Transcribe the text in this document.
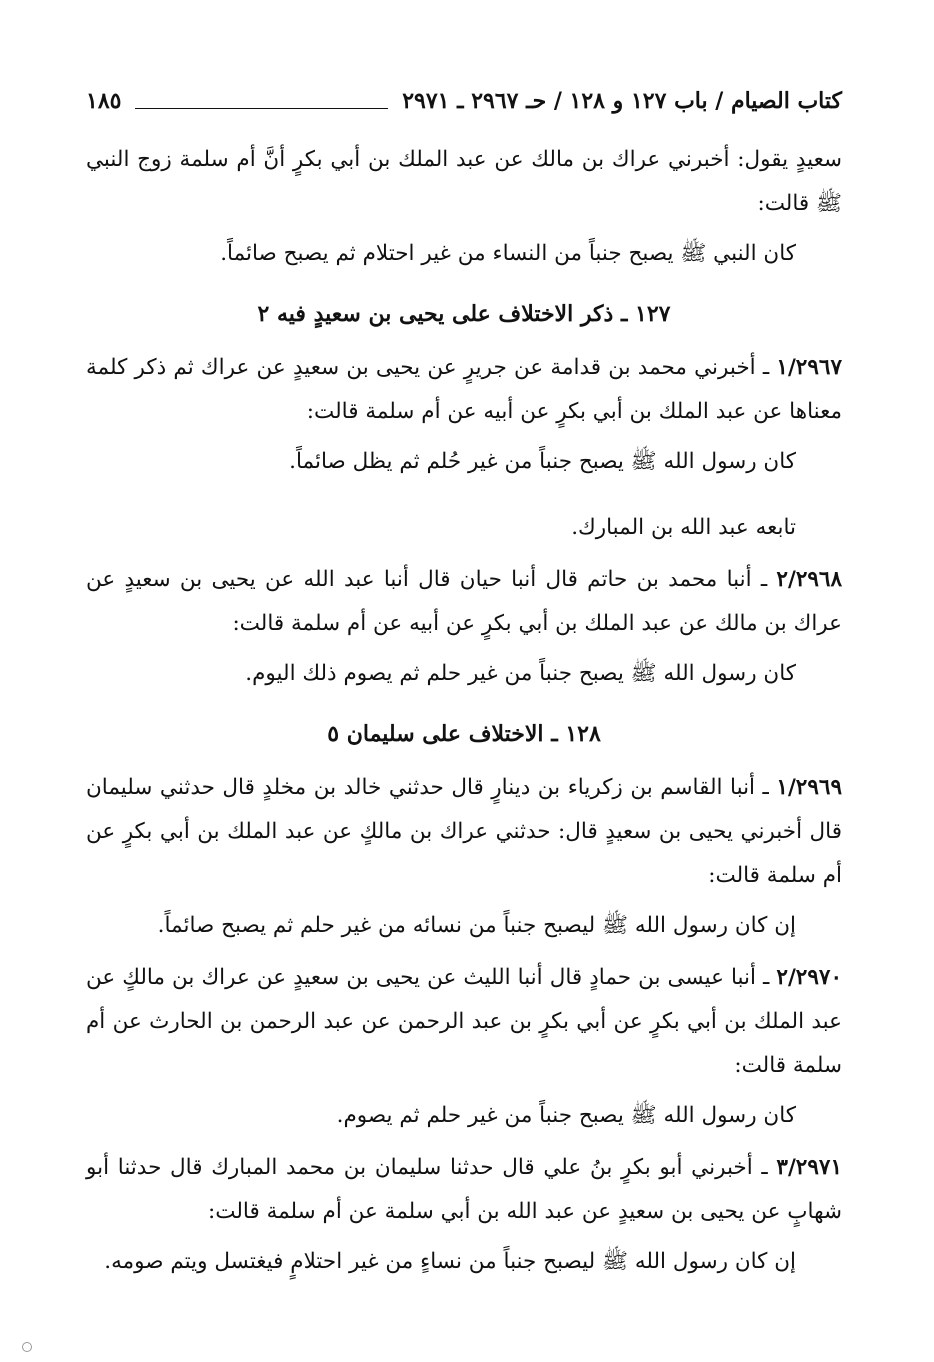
كتاب الصيام / باب ١٢٧ و ١٢٨ / حـ ٢٩٦٧ ـ ٢٩٧١
١٨٥

سعيدٍ يقول: أخبرني عراك بن مالك عن عبد الملك بن أبي بكرٍ أنَّ أم سلمة زوج النبي ﷺ قالت:

كان النبي ﷺ يصبح جنباً من النساء من غير احتلام ثم يصبح صائماً.

١٢٧ ـ ذكر الاختلاف على يحيى بن سعيدٍ فيه ٢

١/٢٩٦٧ ـ أخبرني محمد بن قدامة عن جريرٍ عن يحيى بن سعيدٍ عن عراك ثم ذكر كلمة معناها عن عبد الملك بن أبي بكرٍ عن أبيه عن أم سلمة قالت:

كان رسول الله ﷺ يصبح جنباً من غير حُلم ثم يظل صائماً.

تابعه عبد الله بن المبارك.

٢/٢٩٦٨ ـ أنبا محمد بن حاتم قال أنبا حيان قال أنبا عبد الله عن يحيى بن سعيدٍ عن عراك بن مالك عن عبد الملك بن أبي بكرٍ عن أبيه عن أم سلمة قالت:

كان رسول الله ﷺ يصبح جنباً من غير حلم ثم يصوم ذلك اليوم.

١٢٨ ـ الاختلاف على سليمان ٥

١/٢٩٦٩ ـ أنبا القاسم بن زكرياء بن دينارٍ قال حدثني خالد بن مخلدٍ قال حدثني سليمان قال أخبرني يحيى بن سعيدٍ قال: حدثني عراك بن مالكٍ عن عبد الملك بن أبي بكرٍ عن أم سلمة قالت:

إن كان رسول الله ﷺ ليصبح جنباً من نسائه من غير حلم ثم يصبح صائماً.

٢/٢٩٧٠ ـ أنبا عيسى بن حمادٍ قال أنبا الليث عن يحيى بن سعيدٍ عن عراك بن مالكٍ عن عبد الملك بن أبي بكرٍ عن أبي بكرٍ بن عبد الرحمن عن عبد الرحمن بن الحارث عن أم سلمة قالت:

كان رسول الله ﷺ يصبح جنباً من غير حلم ثم يصوم.

٣/٢٩٧١ ـ أخبرني أبو بكرٍ بنُ علي قال حدثنا سليمان بن محمد المبارك قال حدثنا أبو شهابٍ عن يحيى بن سعيدٍ عن عبد الله بن أبي سلمة عن أم سلمة قالت:

إن كان رسول الله ﷺ ليصبح جنباً من نساءٍ من غير احتلامٍ فيغتسل ويتم صومه.
